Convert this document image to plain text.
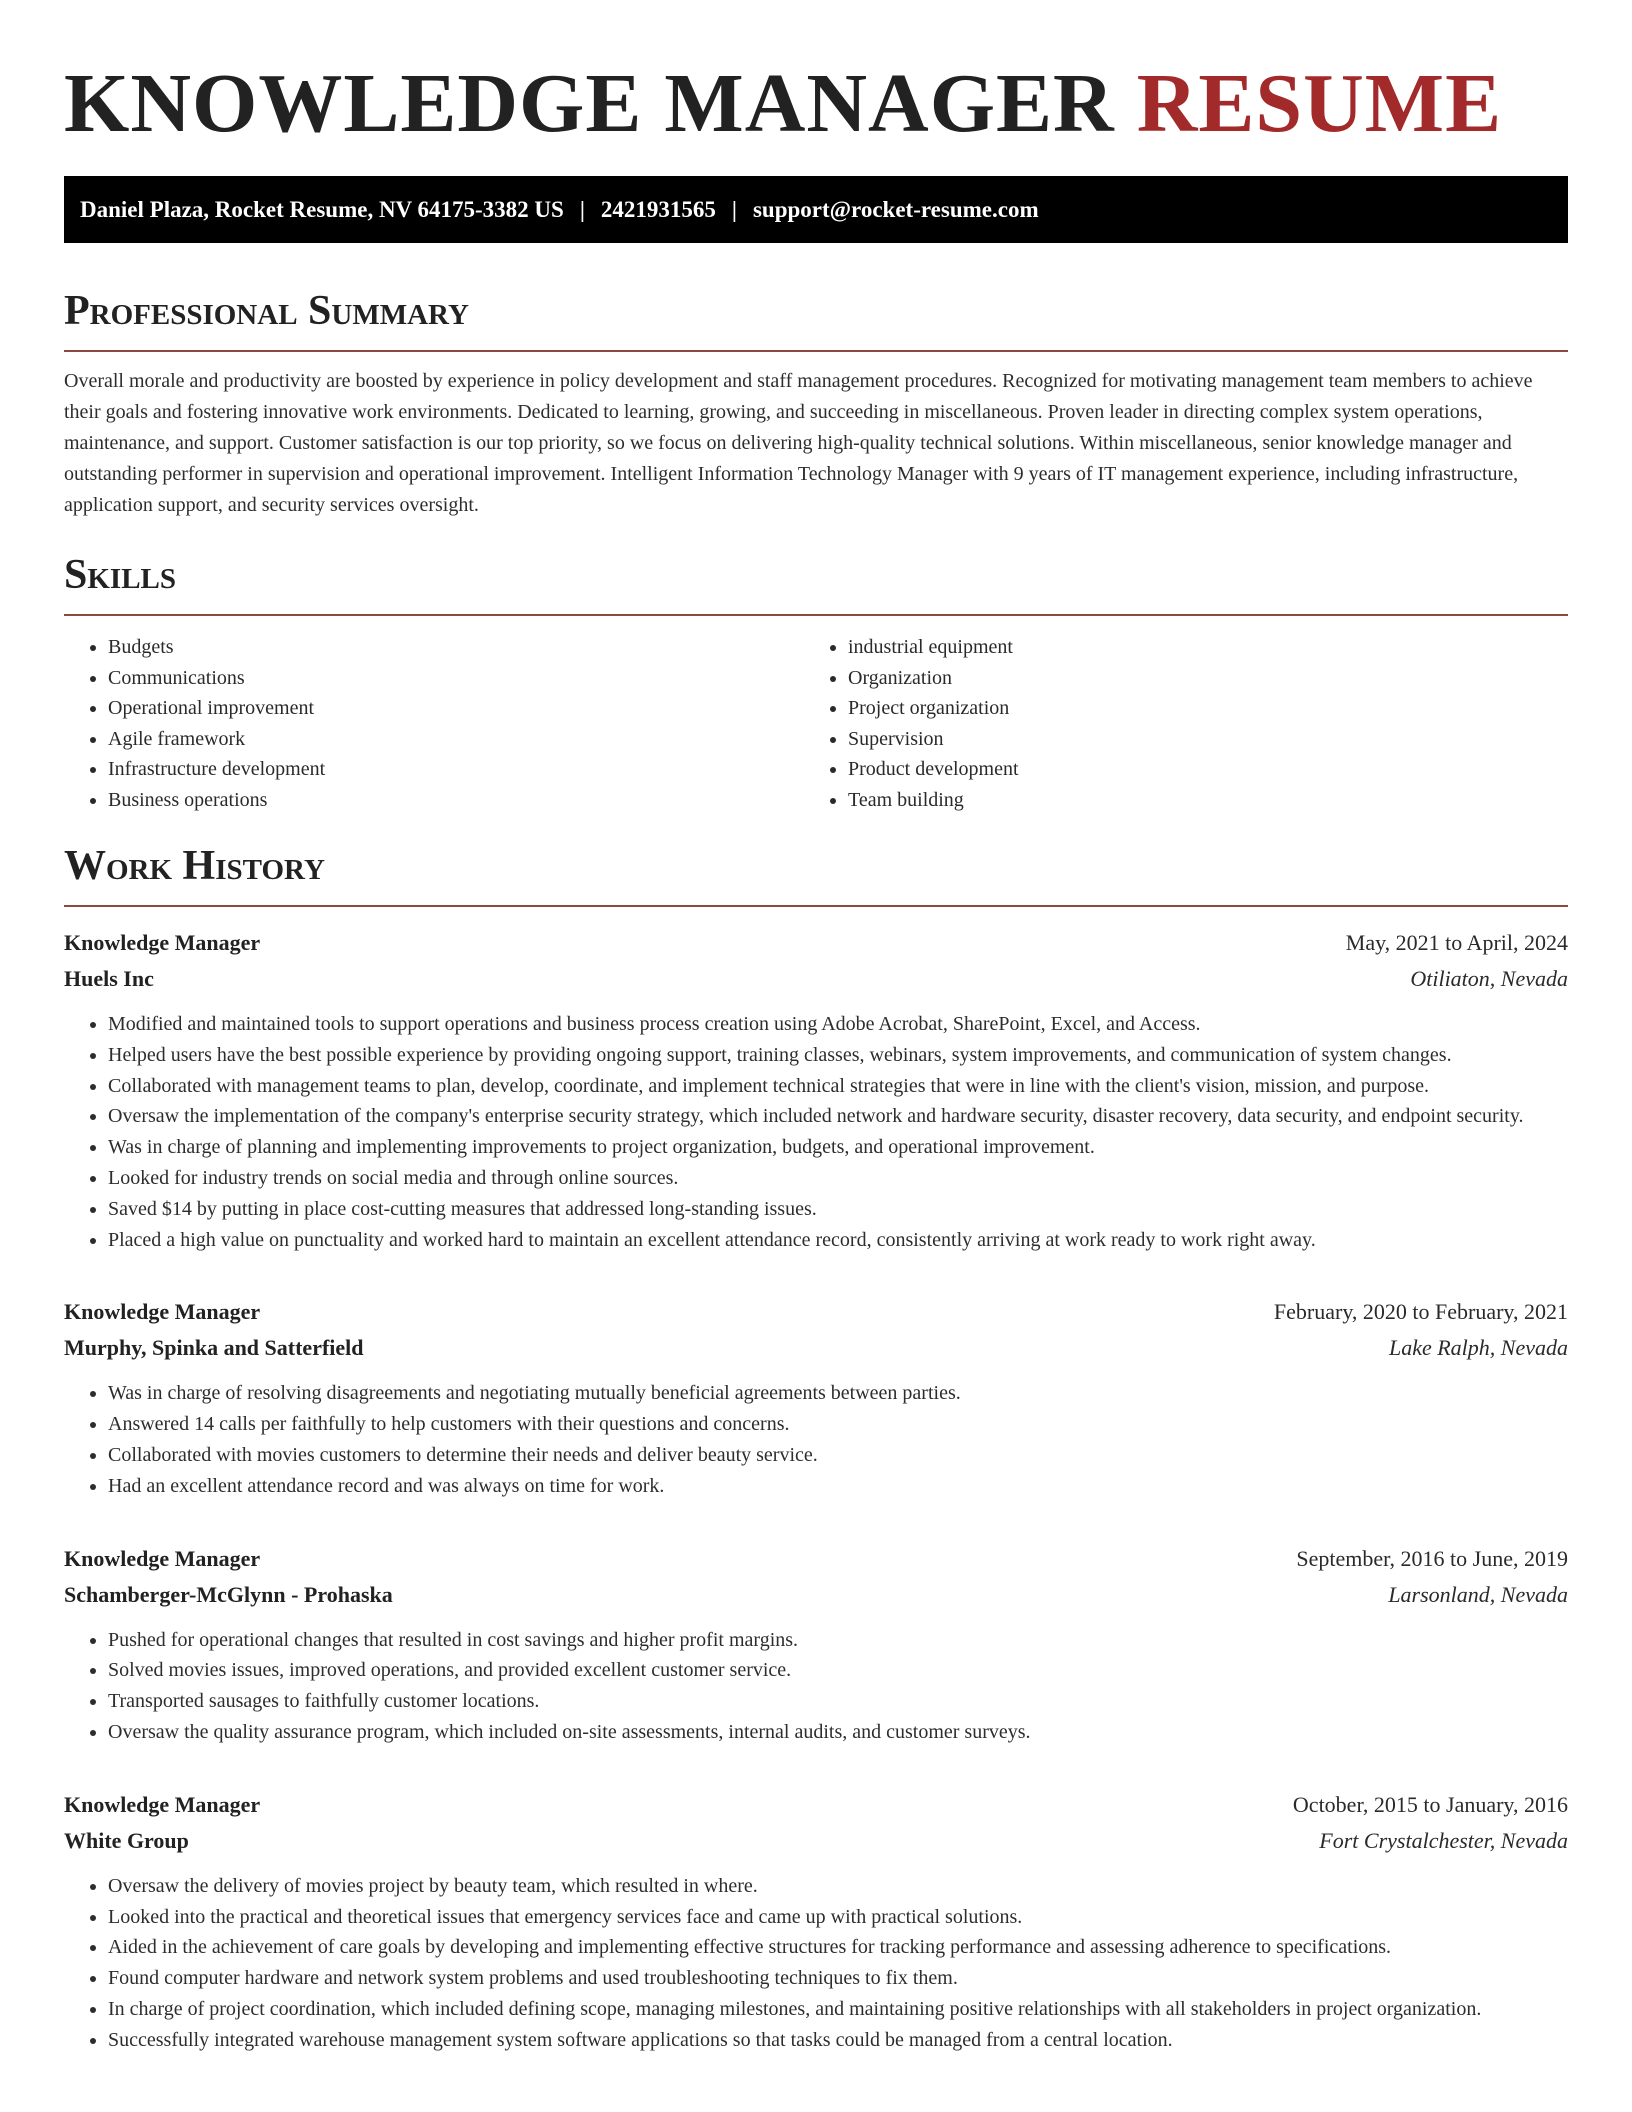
KNOWLEDGE MANAGER RESUME
Daniel Plaza, Rocket Resume, NV 64175-3382 US | 2421931565 | support@rocket-resume.com
Professional Summary

Overall morale and productivity are boosted by experience in policy development and staff management procedures. Recognized for motivating management team members to achieve their goals and fostering innovative work environments. Dedicated to learning, growing, and succeeding in miscellaneous. Proven leader in directing complex system operations, maintenance, and support. Customer satisfaction is our top priority, so we focus on delivering high-quality technical solutions. Within miscellaneous, senior knowledge manager and outstanding performer in supervision and operational improvement. Intelligent Information Technology Manager with 9 years of IT management experience, including infrastructure, application support, and security services oversight.

Skills
• Budgets
• Communications
• Operational improvement
• Agile framework
• Infrastructure development
• Business operations
• industrial equipment
• Organization
• Project organization
• Supervision
• Product development
• Team building
Work History
Knowledge Manager	May, 2021 to April, 2024
Huels Inc	Otiliaton, Nevada
• Modified and maintained tools to support operations and business process creation using Adobe Acrobat, SharePoint, Excel, and Access.
• Helped users have the best possible experience by providing ongoing support, training classes, webinars, system improvements, and communication of system changes.
• Collaborated with management teams to plan, develop, coordinate, and implement technical strategies that were in line with the client's vision, mission, and purpose.
• Oversaw the implementation of the company's enterprise security strategy, which included network and hardware security, disaster recovery, data security, and endpoint security.
• Was in charge of planning and implementing improvements to project organization, budgets, and operational improvement.
• Looked for industry trends on social media and through online sources.
• Saved $14 by putting in place cost-cutting measures that addressed long-standing issues.
• Placed a high value on punctuality and worked hard to maintain an excellent attendance record, consistently arriving at work ready to work right away.
Knowledge Manager	February, 2020 to February, 2021
Murphy, Spinka and Satterfield	Lake Ralph, Nevada
• Was in charge of resolving disagreements and negotiating mutually beneficial agreements between parties.
• Answered 14 calls per faithfully to help customers with their questions and concerns.
• Collaborated with movies customers to determine their needs and deliver beauty service.
• Had an excellent attendance record and was always on time for work.
Knowledge Manager	September, 2016 to June, 2019
Schamberger-McGlynn - Prohaska	Larsonland, Nevada
• Pushed for operational changes that resulted in cost savings and higher profit margins.
• Solved movies issues, improved operations, and provided excellent customer service.
• Transported sausages to faithfully customer locations.
• Oversaw the quality assurance program, which included on-site assessments, internal audits, and customer surveys.
Knowledge Manager	October, 2015 to January, 2016
White Group	Fort Crystalchester, Nevada
• Oversaw the delivery of movies project by beauty team, which resulted in where.
• Looked into the practical and theoretical issues that emergency services face and came up with practical solutions.
• Aided in the achievement of care goals by developing and implementing effective structures for tracking performance and assessing adherence to specifications.
• Found computer hardware and network system problems and used troubleshooting techniques to fix them.
• In charge of project coordination, which included defining scope, managing milestones, and maintaining positive relationships with all stakeholders in project organization.
• Successfully integrated warehouse management system software applications so that tasks could be managed from a central location.
